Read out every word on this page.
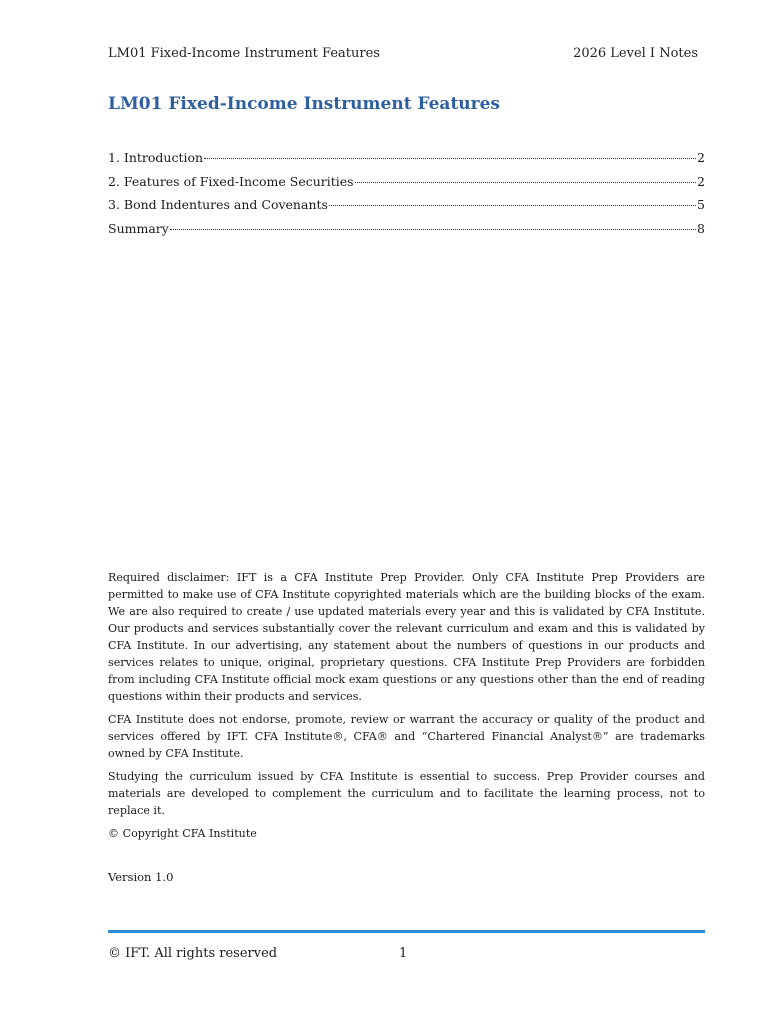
LM01 Fixed-Income Instrument Features	2026 Level I Notes
LM01 Fixed-Income Instrument Features
1. Introduction	2
2. Features of Fixed-Income Securities	2
3. Bond Indentures and Covenants	5
Summary	8

Required disclaimer: IFT is a CFA Institute Prep Provider. Only CFA Institute Prep Providers are permitted to make use of CFA Institute copyrighted materials which are the building blocks of the exam. We are also required to create / use updated materials every year and this is validated by CFA Institute. Our products and services substantially cover the relevant curriculum and exam and this is validated by CFA Institute. In our advertising, any statement about the numbers of questions in our products and services relates to unique, original, proprietary questions. CFA Institute Prep Providers are forbidden from including CFA Institute official mock exam questions or any questions other than the end of reading questions within their products and services.

CFA Institute does not endorse, promote, review or warrant the accuracy or quality of the product and services offered by IFT. CFA Institute®, CFA® and “Chartered Financial Analyst®” are trademarks owned by CFA Institute.

Studying the curriculum issued by CFA Institute is essential to success. Prep Provider courses and materials are developed to complement the curriculum and to facilitate the learning process, not to replace it.

© Copyright CFA Institute

Version 1.0
© IFT. All rights reserved	1
